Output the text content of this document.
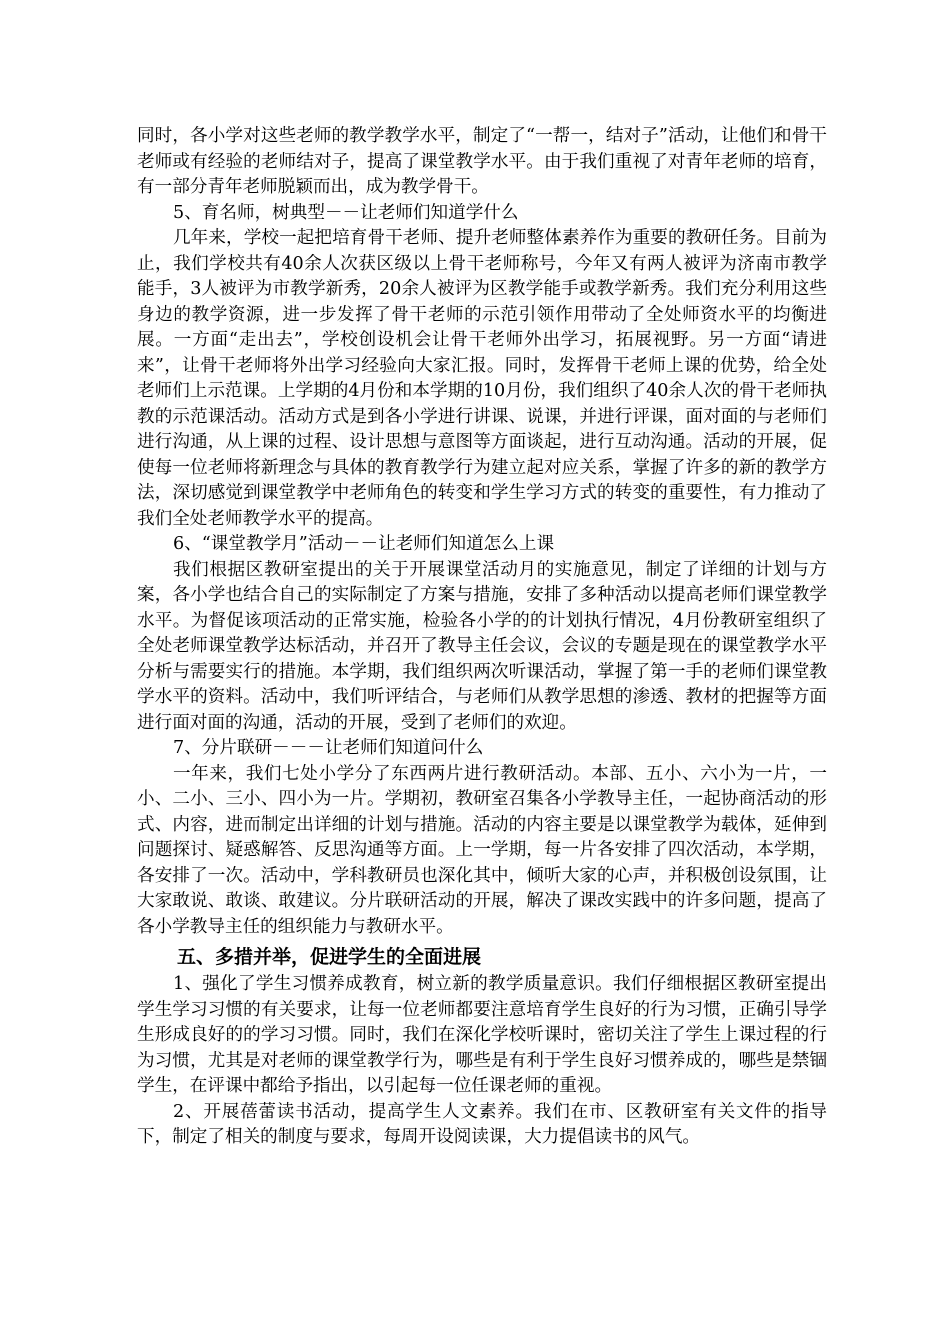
同时，各小学对这些老师的教学教学水平，制定了“一帮一，结对子”活动，让他们和骨干老师或有经验的老师结对子，提高了课堂教学水平。由于我们重视了对青年老师的培育，有一部分青年老师脱颖而出，成为教学骨干。

5、育名师，树典型－－让老师们知道学什么

几年来，学校一起把培育骨干老师、提升老师整体素养作为重要的教研任务。目前为止，我们学校共有40余人次获区级以上骨干老师称号，今年又有两人被评为济南市教学能手，3人被评为市教学新秀，20余人被评为区教学能手或教学新秀。我们充分利用这些身边的教学资源，进一步发挥了骨干老师的示范引领作用带动了全处师资水平的均衡进展。一方面“走出去”，学校创设机会让骨干老师外出学习，拓展视野。另一方面“请进来”，让骨干老师将外出学习经验向大家汇报。同时，发挥骨干老师上课的优势，给全处老师们上示范课。上学期的4月份和本学期的10月份，我们组织了40余人次的骨干老师执教的示范课活动。活动方式是到各小学进行讲课、说课，并进行评课，面对面的与老师们进行沟通，从上课的过程、设计思想与意图等方面谈起，进行互动沟通。活动的开展，促使每一位老师将新理念与具体的教育教学行为建立起对应关系，掌握了许多的新的教学方法，深切感觉到课堂教学中老师角色的转变和学生学习方式的转变的重要性，有力推动了我们全处老师教学水平的提高。

6、“课堂教学月”活动－－让老师们知道怎么上课

我们根据区教研室提出的关于开展课堂活动月的实施意见，制定了详细的计划与方案，各小学也结合自己的实际制定了方案与措施，安排了多种活动以提高老师们课堂教学水平。为督促该项活动的正常实施，检验各小学的的计划执行情况，4月份教研室组织了全处老师课堂教学达标活动，并召开了教导主任会议，会议的专题是现在的课堂教学水平分析与需要实行的措施。本学期，我们组织两次听课活动，掌握了第一手的老师们课堂教学水平的资料。活动中，我们听评结合，与老师们从教学思想的渗透、教材的把握等方面进行面对面的沟通，活动的开展，受到了老师们的欢迎。

7、分片联研－－－让老师们知道问什么

一年来，我们七处小学分了东西两片进行教研活动。本部、五小、六小为一片，一小、二小、三小、四小为一片。学期初，教研室召集各小学教导主任，一起协商活动的形式、内容，进而制定出详细的计划与措施。活动的内容主要是以课堂教学为载体，延伸到问题探讨、疑惑解答、反思沟通等方面。上一学期，每一片各安排了四次活动，本学期，各安排了一次。活动中，学科教研员也深化其中，倾听大家的心声，并积极创设氛围，让大家敢说、敢谈、敢建议。分片联研活动的开展，解决了课改实践中的许多问题，提高了各小学教导主任的组织能力与教研水平。

五、多措并举，促进学生的全面进展

1、强化了学生习惯养成教育，树立新的教学质量意识。我们仔细根据区教研室提出学生学习习惯的有关要求，让每一位老师都要注意培育学生良好的行为习惯，正确引导学生形成良好的的学习习惯。同时，我们在深化学校听课时，密切关注了学生上课过程的行为习惯，尤其是对老师的课堂教学行为，哪些是有利于学生良好习惯养成的，哪些是禁锢学生，在评课中都给予指出，以引起每一位任课老师的重视。

2、开展蓓蕾读书活动，提高学生人文素养。我们在市、区教研室有关文件的指导下，制定了相关的制度与要求，每周开设阅读课，大力提倡读书的风气。
